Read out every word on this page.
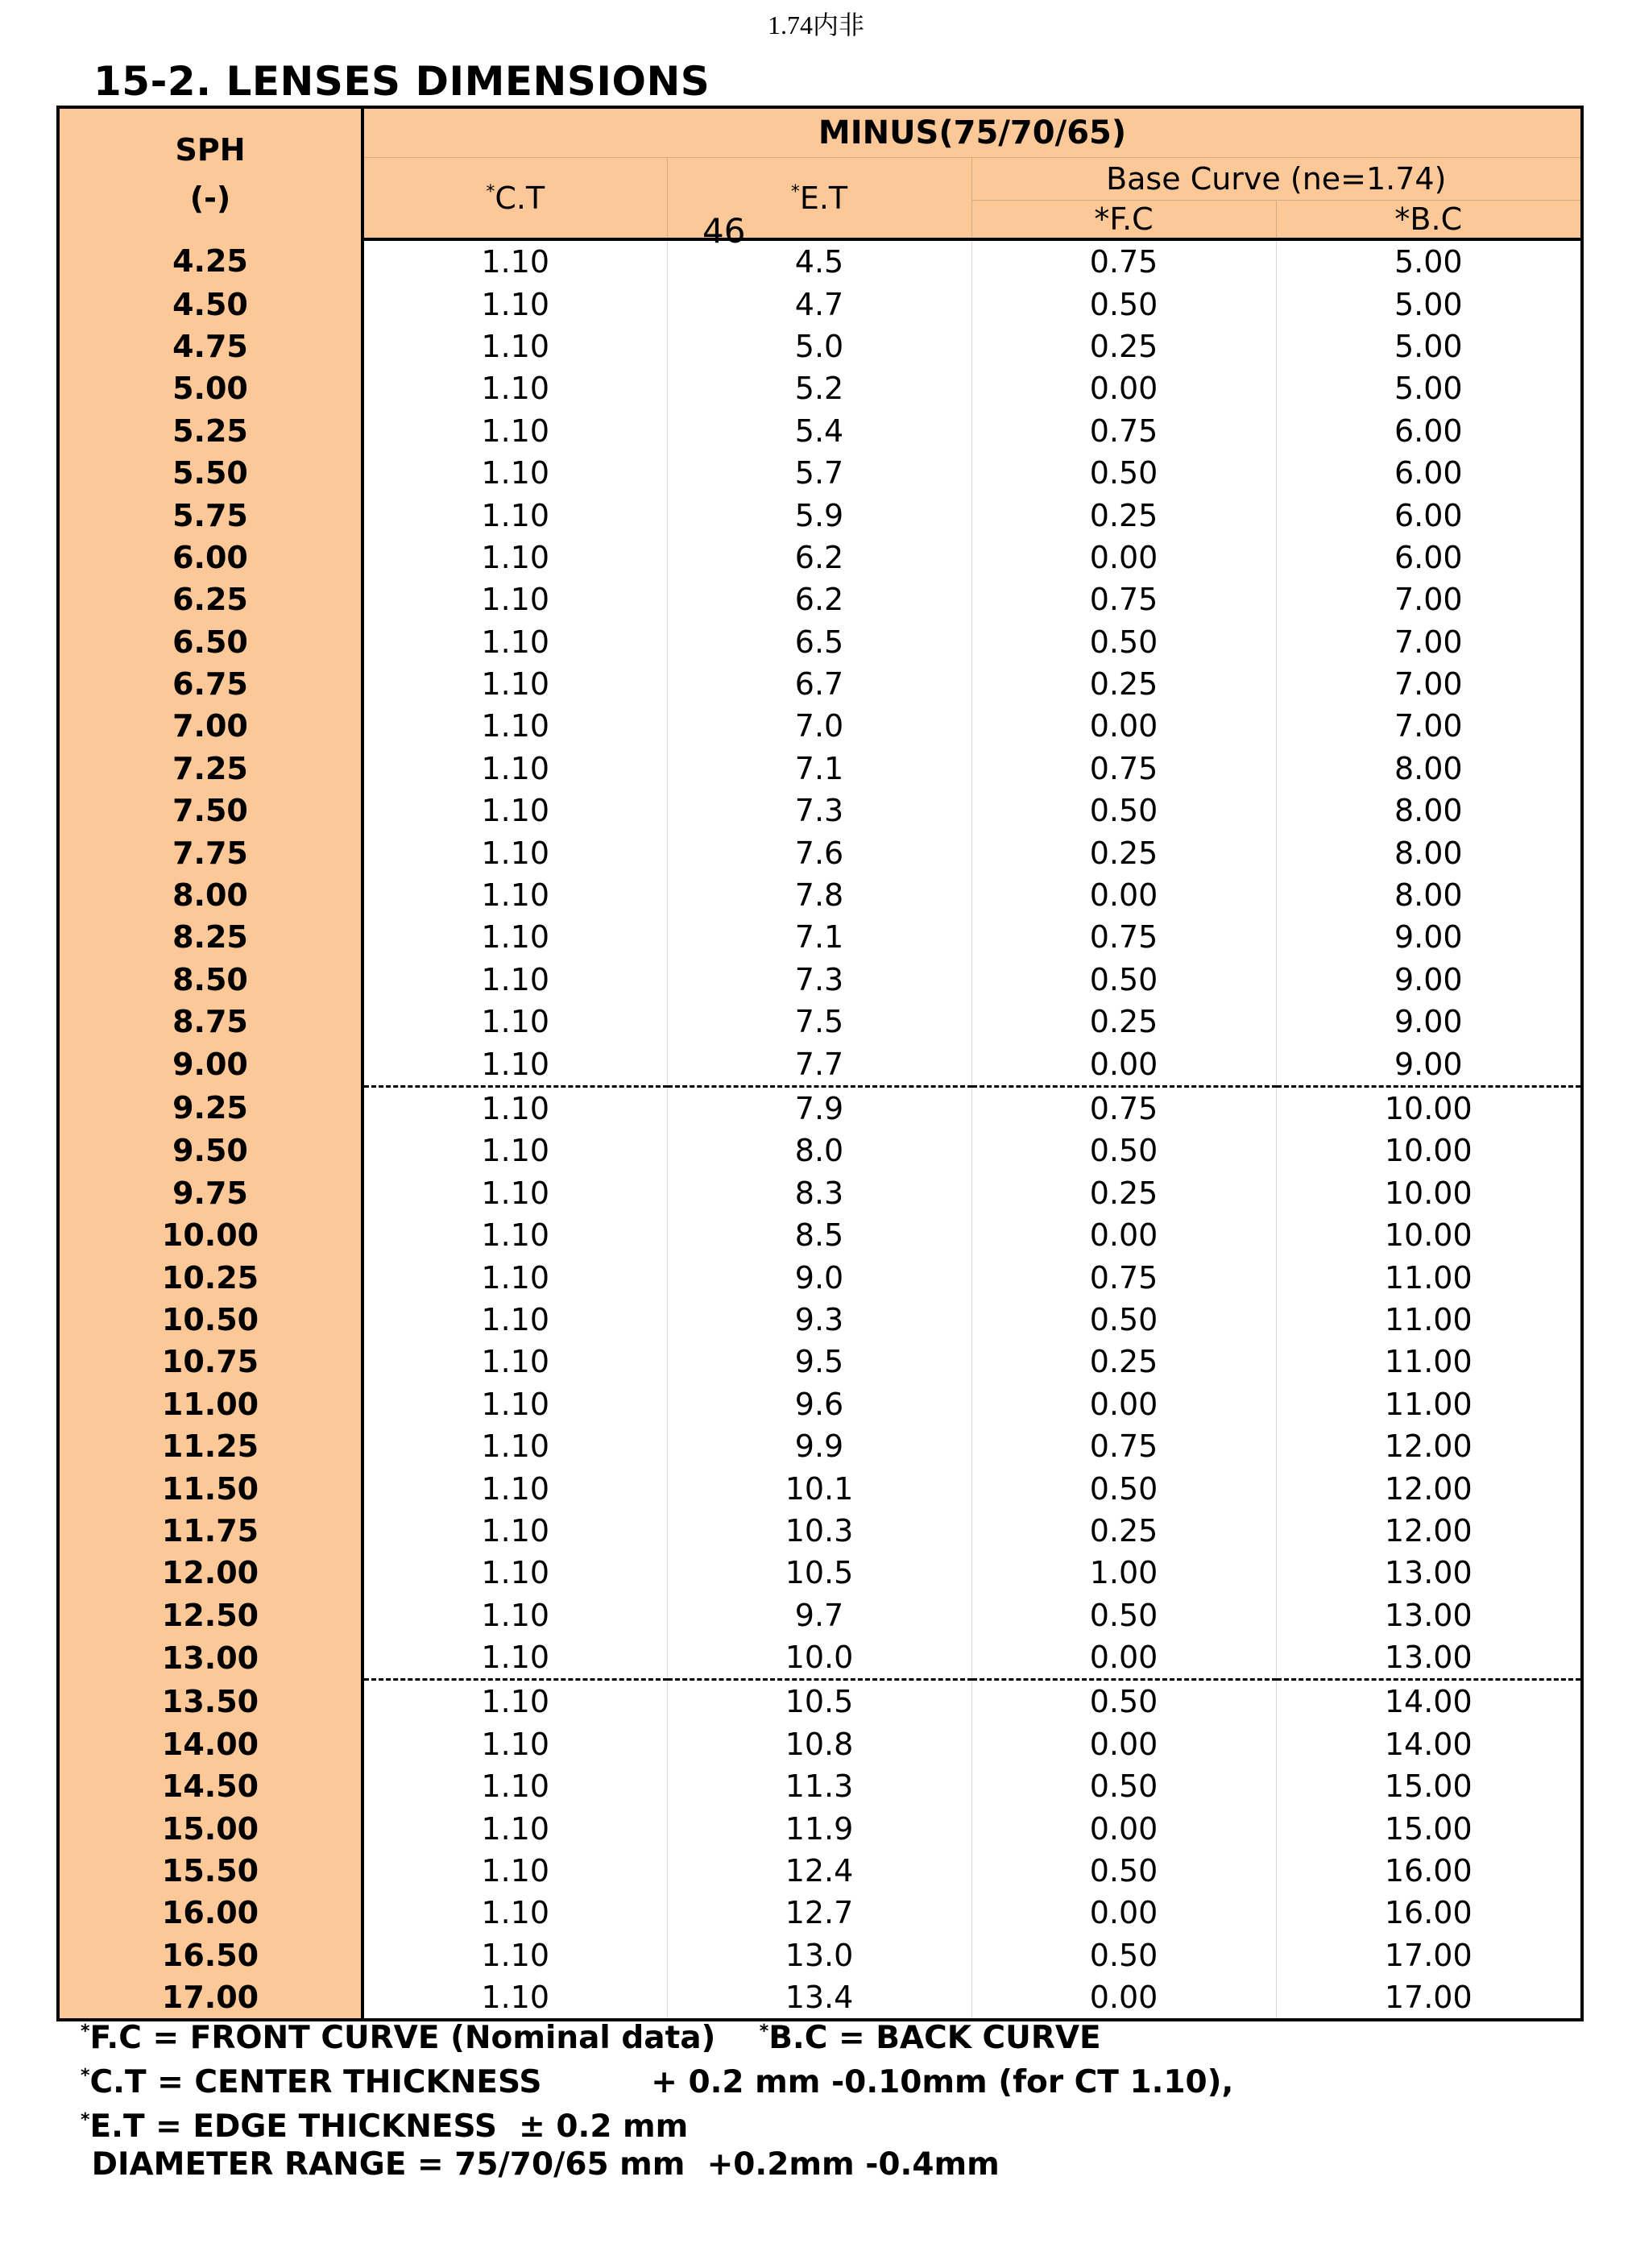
1.74内非
15-2. LENSES DIMENSIONS
SPH
(-)	MINUS(75/70/65)			
	*C.T	*E.T	Base Curve (ne=1.74)	
			*F.C	*B.C
4.25	1.10	4.5	0.75	5.00
4.50	1.10	4.7	0.50	5.00
4.75	1.10	5.0	0.25	5.00
5.00	1.10	5.2	0.00	5.00
5.25	1.10	5.4	0.75	6.00
5.50	1.10	5.7	0.50	6.00
5.75	1.10	5.9	0.25	6.00
6.00	1.10	6.2	0.00	6.00
6.25	1.10	6.2	0.75	7.00
6.50	1.10	6.5	0.50	7.00
6.75	1.10	6.7	0.25	7.00
7.00	1.10	7.0	0.00	7.00
7.25	1.10	7.1	0.75	8.00
7.50	1.10	7.3	0.50	8.00
7.75	1.10	7.6	0.25	8.00
8.00	1.10	7.8	0.00	8.00
8.25	1.10	7.1	0.75	9.00
8.50	1.10	7.3	0.50	9.00
8.75	1.10	7.5	0.25	9.00
9.00	1.10	7.7	0.00	9.00
9.25	1.10	7.9	0.75	10.00
9.50	1.10	8.0	0.50	10.00
9.75	1.10	8.3	0.25	10.00
10.00	1.10	8.5	0.00	10.00
10.25	1.10	9.0	0.75	11.00
10.50	1.10	9.3	0.50	11.00
10.75	1.10	9.5	0.25	11.00
11.00	1.10	9.6	0.00	11.00
11.25	1.10	9.9	0.75	12.00
11.50	1.10	10.1	0.50	12.00
11.75	1.10	10.3	0.25	12.00
12.00	1.10	10.5	1.00	13.00
12.50	1.10	9.7	0.50	13.00
13.00	1.10	10.0	0.00	13.00
13.50	1.10	10.5	0.50	14.00
14.00	1.10	10.8	0.00	14.00
14.50	1.10	11.3	0.50	15.00
15.00	1.10	11.9	0.00	15.00
15.50	1.10	12.4	0.50	16.00
16.00	1.10	12.7	0.00	16.00
16.50	1.10	13.0	0.50	17.00
17.00	1.10	13.4	0.00	17.00
46
*F.C = FRONT CURVE (Nominal data) *B.C = BACK CURVE
*C.T = CENTER THICKNESS          + 0.2 mm -0.10mm (for CT 1.10),
*E.T = EDGE THICKNESS  ± 0.2 mm
DIAMETER RANGE = 75/70/65 mm  +0.2mm -0.4mm
